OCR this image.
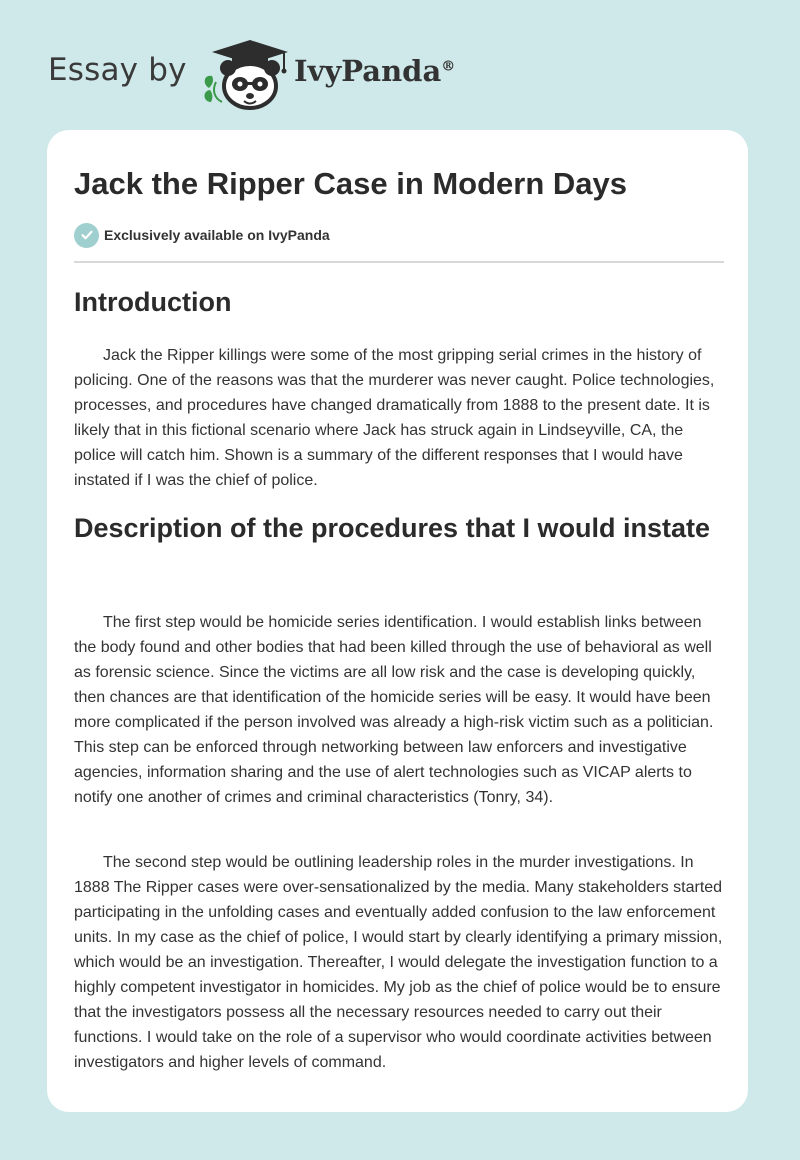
Essay by	IvyPanda®
Jack the Ripper Case in Modern Days
Exclusively available on IvyPanda
Introduction

Jack the Ripper killings were some of the most gripping serial crimes in the history of policing. One of the reasons was that the murderer was never caught. Police technologies, processes, and procedures have changed dramatically from 1888 to the present date. It is likely that in this fictional scenario where Jack has struck again in Lindseyville, CA, the police will catch him. Shown is a summary of the different responses that I would have instated if I was the chief of police.

Description of the procedures that I would instate

The first step would be homicide series identification. I would establish links between the body found and other bodies that had been killed through the use of behavioral as well as forensic science. Since the victims are all low risk and the case is developing quickly, then chances are that identification of the homicide series will be easy. It would have been more complicated if the person involved was already a high-risk victim such as a politician. This step can be enforced through networking between law enforcers and investigative agencies, information sharing and the use of alert technologies such as VICAP alerts to notify one another of crimes and criminal characteristics (Tonry, 34).

The second step would be outlining leadership roles in the murder investigations. In 1888 The Ripper cases were over-sensationalized by the media. Many stakeholders started participating in the unfolding cases and eventually added confusion to the law enforcement units. In my case as the chief of police, I would start by clearly identifying a primary mission, which would be an investigation. Thereafter, I would delegate the investigation function to a highly competent investigator in homicides. My job as the chief of police would be to ensure that the investigators possess all the necessary resources needed to carry out their functions. I would take on the role of a supervisor who would coordinate activities between investigators and higher levels of command.
